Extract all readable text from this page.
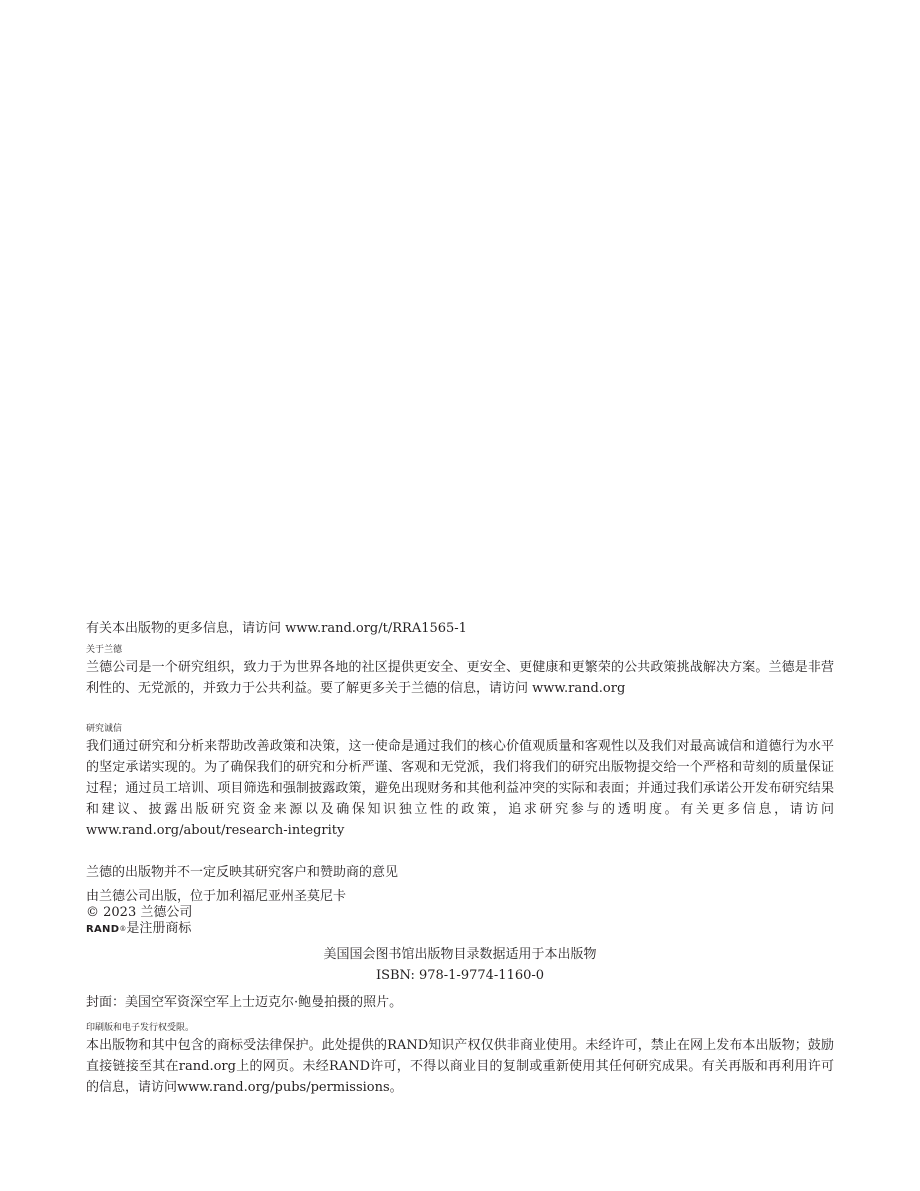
有关本出版物的更多信息，请访问 www.rand.org/t/RRA1565-1

关于兰德

兰德公司是一个研究组织，致力于为世界各地的社区提供更安全、更安全、更健康和更繁荣的公共政策挑战解决方案。兰德是非营利性的、无党派的，并致力于公共利益。要了解更多关于兰德的信息，请访问 www.rand.org

研究诚信

我们通过研究和分析来帮助改善政策和决策，这一使命是通过我们的核心价值观质量和客观性以及我们对最高诚信和道德行为水平的坚定承诺实现的。为了确保我们的研究和分析严谨、客观和无党派，我们将我们的研究出版物提交给一个严格和苛刻的质量保证过程；通过员工培训、项目筛选和强制披露政策，避免出现财务和其他利益冲突的实际和表面；并通过我们承诺公开发布研究结果和建议、披露出版研究资金来源以及确保知识独立性的政策，追求研究参与的透明度。有关更多信息，请访问 www.rand.org/about/research-integrity

兰德的出版物并不一定反映其研究客户和赞助商的意见

由兰德公司出版，位于加利福尼亚州圣莫尼卡

© 2023 兰德公司

RAND®是注册商标

美国国会图书馆出版物目录数据适用于本出版物

ISBN: 978-1-9774-1160-0

封面：美国空军资深空军上士迈克尔·鲍曼拍摄的照片。

印刷版和电子发行权受限。

本出版物和其中包含的商标受法律保护。此处提供的RAND知识产权仅供非商业使用。未经许可，禁止在网上发布本出版物；鼓励直接链接至其在rand.org上的网页。未经RAND许可，不得以商业目的复制或重新使用其任何研究成果。有关再版和再利用许可的信息，请访问www.rand.org/pubs/permissions。
